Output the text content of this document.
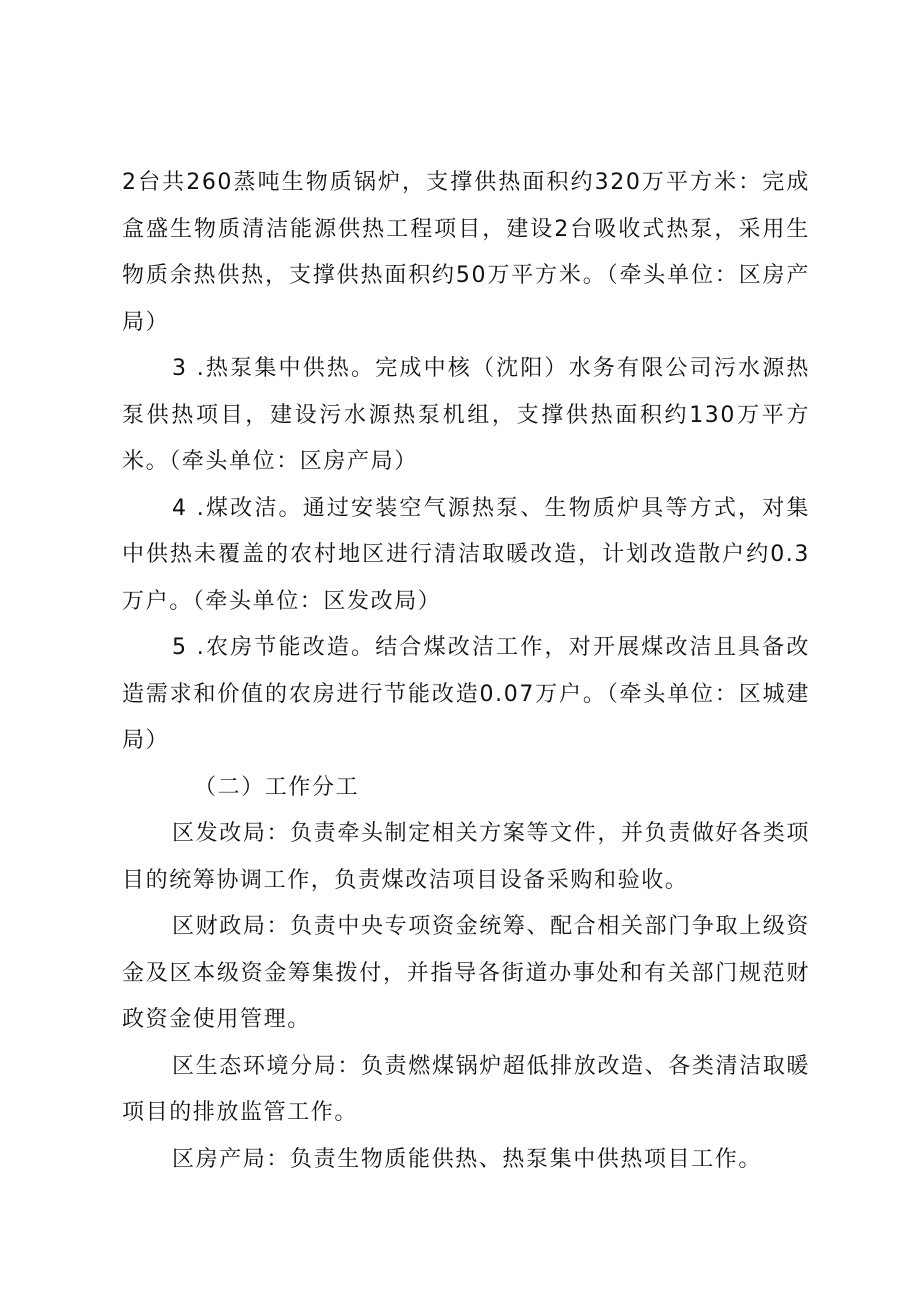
2台共260蒸吨生物质锅炉，支撑供热面积约320万平方米：完成盒盛生物质清洁能源供热工程项目，建设2台吸收式热泵，采用生物质余热供热，支撑供热面积约50万平方米。（牵头单位：区房产局）

3 .热泵集中供热。完成中核（沈阳）水务有限公司污水源热泵供热项目，建设污水源热泵机组，支撑供热面积约130万平方米。（牵头单位：区房产局）

4 .煤改洁。通过安装空气源热泵、生物质炉具等方式，对集中供热未覆盖的农村地区进行清洁取暖改造，计划改造散户约0.3万户。（牵头单位：区发改局）

5 .农房节能改造。结合煤改洁工作，对开展煤改洁且具备改造需求和价值的农房进行节能改造0.07万户。（牵头单位：区城建局）

（二）工作分工

区发改局：负责牵头制定相关方案等文件，并负责做好各类项目的统筹协调工作，负责煤改洁项目设备采购和验收。

区财政局：负责中央专项资金统筹、配合相关部门争取上级资金及区本级资金筹集拨付，并指导各街道办事处和有关部门规范财政资金使用管理。

区生态环境分局：负责燃煤锅炉超低排放改造、各类清洁取暖项目的排放监管工作。

区房产局：负责生物质能供热、热泵集中供热项目工作。
